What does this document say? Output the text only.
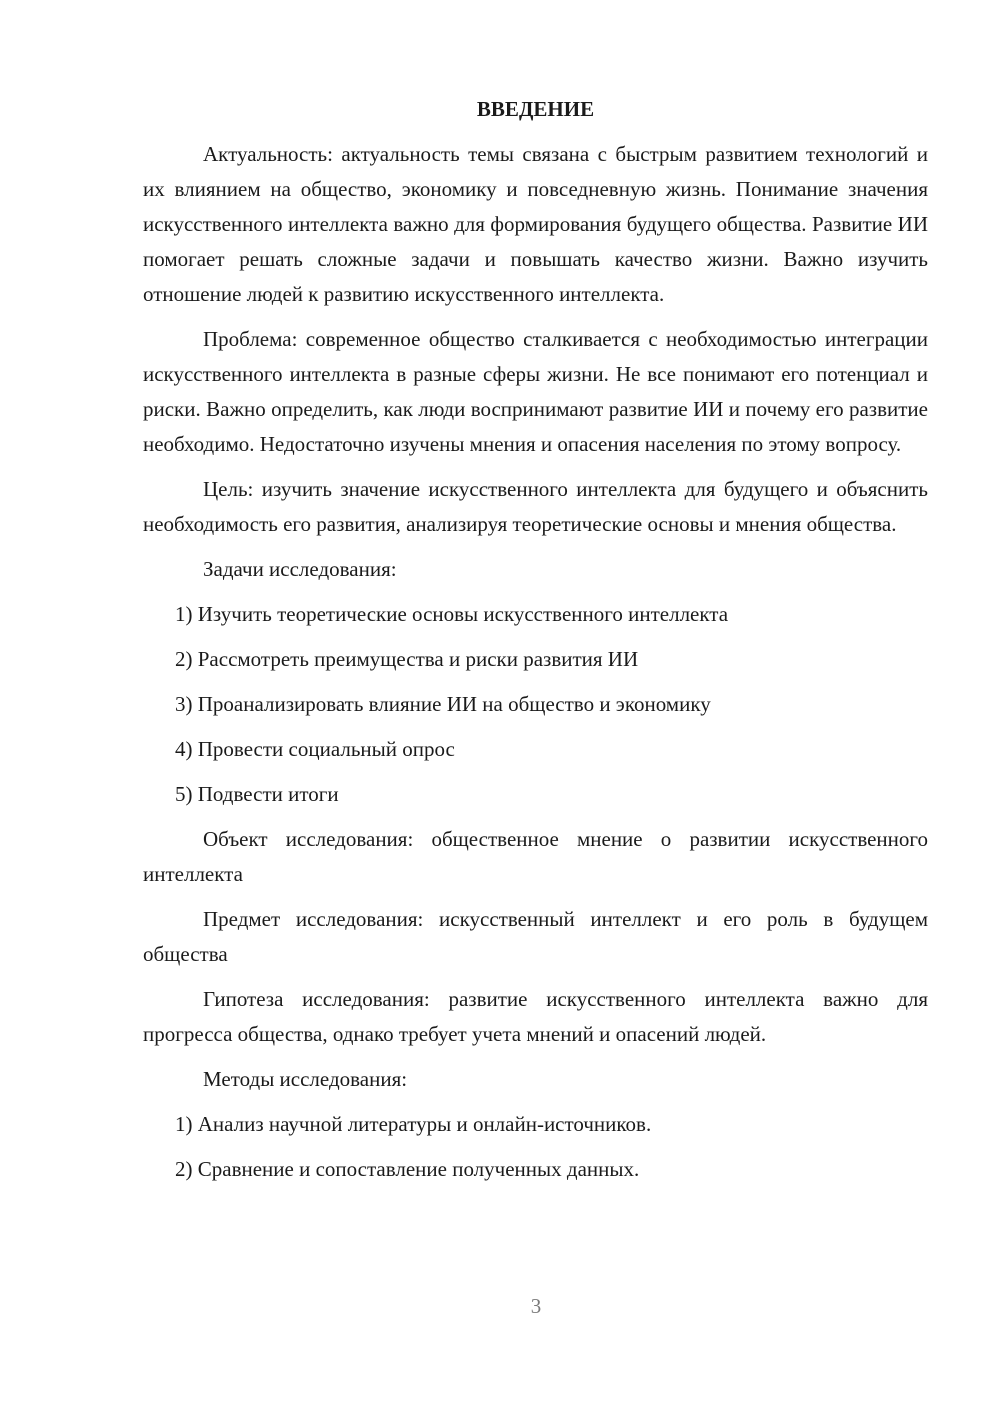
ВВЕДЕНИЕ

Актуальность: актуальность темы связана с быстрым развитием технологий и их влиянием на общество, экономику и повседневную жизнь. Понимание значения искусственного интеллекта важно для формирования будущего общества. Развитие ИИ помогает решать сложные задачи и повышать качество жизни. Важно изучить отношение людей к развитию искусственного интеллекта.

Проблема: современное общество сталкивается с необходимостью интеграции искусственного интеллекта в разные сферы жизни. Не все понимают его потенциал и риски. Важно определить, как люди воспринимают развитие ИИ и почему его развитие необходимо. Недостаточно изучены мнения и опасения населения по этому вопросу.

Цель: изучить значение искусственного интеллекта для будущего и объяснить необходимость его развития, анализируя теоретические основы и мнения общества.

Задачи исследования:

1) Изучить теоретические основы искусственного интеллекта
2) Рассмотреть преимущества и риски развития ИИ
3) Проанализировать влияние ИИ на общество и экономику
4) Провести социальный опрос
5) Подвести итоги

Объект исследования: общественное мнение о развитии искусственного интеллекта

Предмет исследования: искусственный интеллект и его роль в будущем общества

Гипотеза исследования: развитие искусственного интеллекта важно для прогресса общества, однако требует учета мнений и опасений людей.

Методы исследования:

1) Анализ научной литературы и онлайн-источников.
2) Сравнение и сопоставление полученных данных.
3
